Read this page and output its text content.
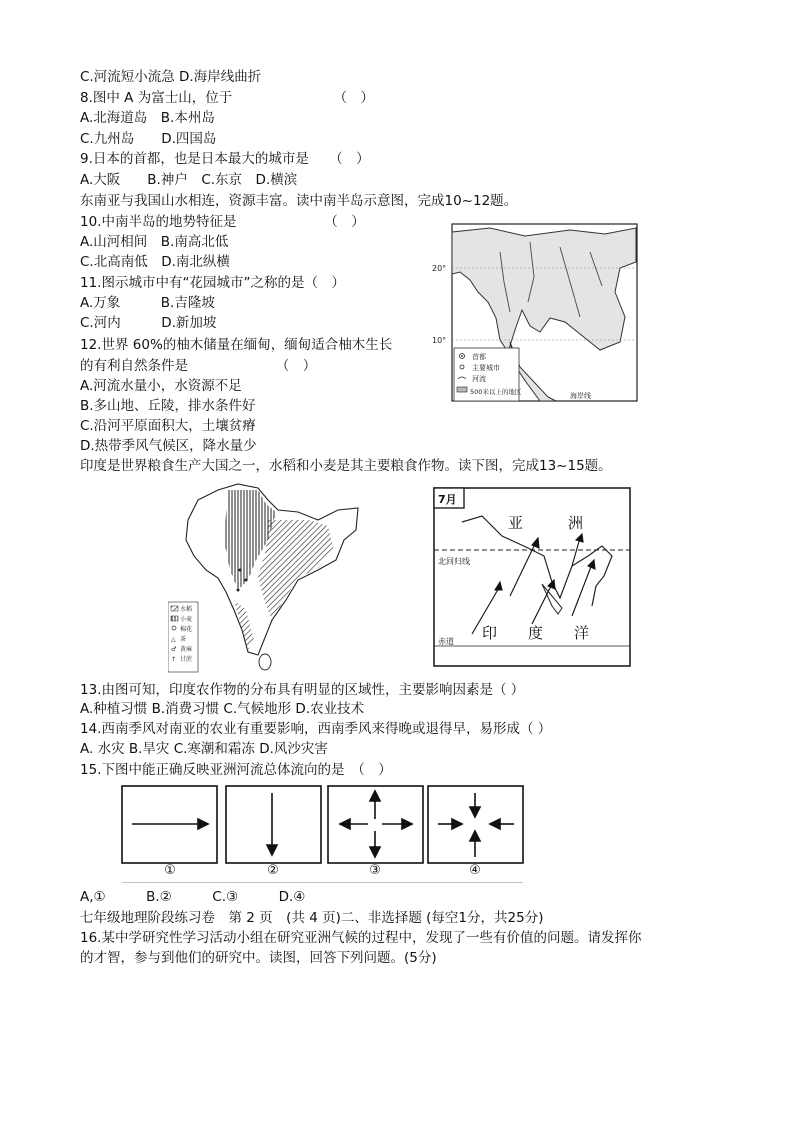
C.河流短小流急 D.海岸线曲折
8.图中 A 为富士山，位于　　　　　　　　（　）
A.北海道岛　B.本州岛
C.九州岛　　D.四国岛
9.日本的首都，也是日本最大的城市是　　（　）
A.大阪　　B.神户　C.东京　D.横滨
东南亚与我国山水相连，资源丰富。读中南半岛示意图，完成10~12题。
10.中南半岛的地势特征是　　　　　　　（　）
A.山河相间　B.南高北低
C.北高南低　D.南北纵横
11.图示城市中有“花园城市”之称的是（　）
A.万象　　　B.吉隆坡
C.河内　　　D.新加坡
12.世界 60%的柚木储量在缅甸，缅甸适合柚木生长
的有利自然条件是　　　　　　　（　）
A.河流水量小，水资源不足
B.多山地、丘陵，排水条件好
C.沿河平原面积大，土壤贫瘠
D.热带季风气候区，降水量少
印度是世界粮食生产大国之一，水稻和小麦是其主要粮食作物。读下图，完成13~15题。
20°
10°
首都
主要城市
河流
500米以上的地区	海岸线
水稻
小麦
棉花
△ 茶
♂ 黄麻
↑ 甘蔗
7月
亚	洲
北回归线
印 度 洋
赤道
13.由图可知，印度农作物的分布具有明显的区域性，主要影响因素是（ ）
A.种植习惯 B.消费习惯 C.气候地形 D.农业技术
14.西南季风对南亚的农业有重要影响，西南季风来得晚或退得早，易形成（ ）
A. 水灾 B.旱灾 C.寒潮和霜冻 D.风沙灾害
15.下图中能正确反映亚洲河流总体流向的是　（　）
①	②	③	④
A,①　　　B.②　　　C.③　　　D.④
七年级地理阶段练习卷　第 2 页　(共 4 页)二、非选择题 (每空1分，共25分)
16.某中学研究性学习活动小组在研究亚洲气候的过程中，发现了一些有价值的问题。请发挥你
的才智，参与到他们的研究中。读图，回答下列问题。(5分)
